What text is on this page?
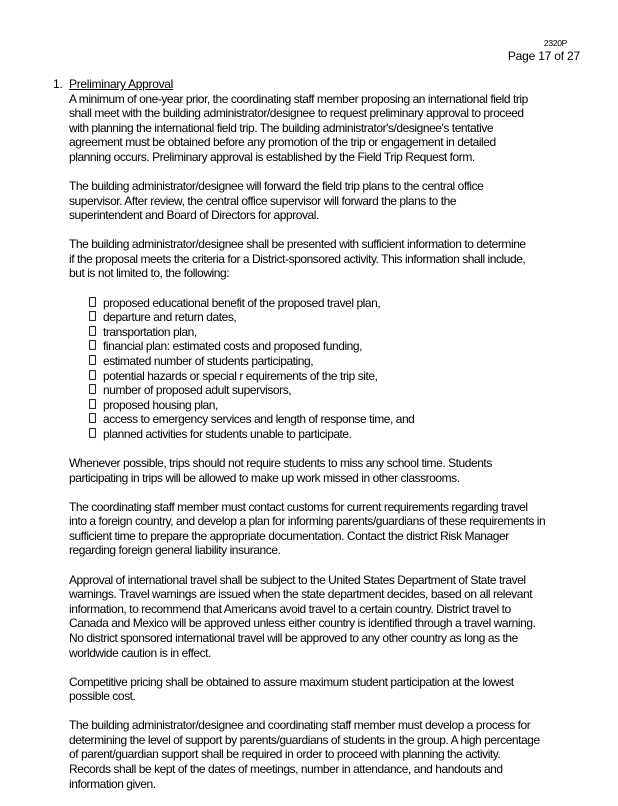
2320P
Page 17 of 27
1. Preliminary Approval
A minimum of one-year prior, the coordinating staff member proposing an international field trip
shall meet with the building administrator/designee to request preliminary approval to proceed
with planning the international field trip. The building administrator's/designee's tentative
agreement must be obtained before any promotion of the trip or engagement in detailed
planning occurs. Preliminary approval is established by the Field Trip Request form.
The building administrator/designee will forward the field trip plans to the central office
supervisor. After review, the central office supervisor will forward the plans to the
superintendent and Board of Directors for approval.
The building administrator/designee shall be presented with sufficient information to determine
if the proposal meets the criteria for a District-sponsored activity. This information shall include,
but is not limited to, the following:
proposed educational benefit of the proposed travel plan,
departure and return dates,
transportation plan,
financial plan: estimated costs and proposed funding,
estimated number of students participating,
potential hazards or special r equirements of the trip site,
number of proposed adult supervisors,
proposed housing plan,
access to emergency services and length of response time, and
planned activities for students unable to participate.
Whenever possible, trips should not require students to miss any school time. Students
participating in trips will be allowed to make up work missed in other classrooms.
The coordinating staff member must contact customs for current requirements regarding travel
into a foreign country, and develop a plan for informing parents/guardians of these requirements in
sufficient time to prepare the appropriate documentation. Contact the district Risk Manager
regarding foreign general liability insurance.
Approval of international travel shall be subject to the United States Department of State travel
warnings. Travel warnings are issued when the state department decides, based on all relevant
information, to recommend that Americans avoid travel to a certain country. District travel to
Canada and Mexico will be approved unless either country is identified through a travel warning.
No district sponsored international travel will be approved to any other country as long as the
worldwide caution is in effect.
Competitive pricing shall be obtained to assure maximum student participation at the lowest
possible cost.
The building administrator/designee and coordinating staff member must develop a process for
determining the level of support by parents/guardians of students in the group. A high percentage
of parent/guardian support shall be required in order to proceed with planning the activity.
Records shall be kept of the dates of meetings, number in attendance, and handouts and
information given.
